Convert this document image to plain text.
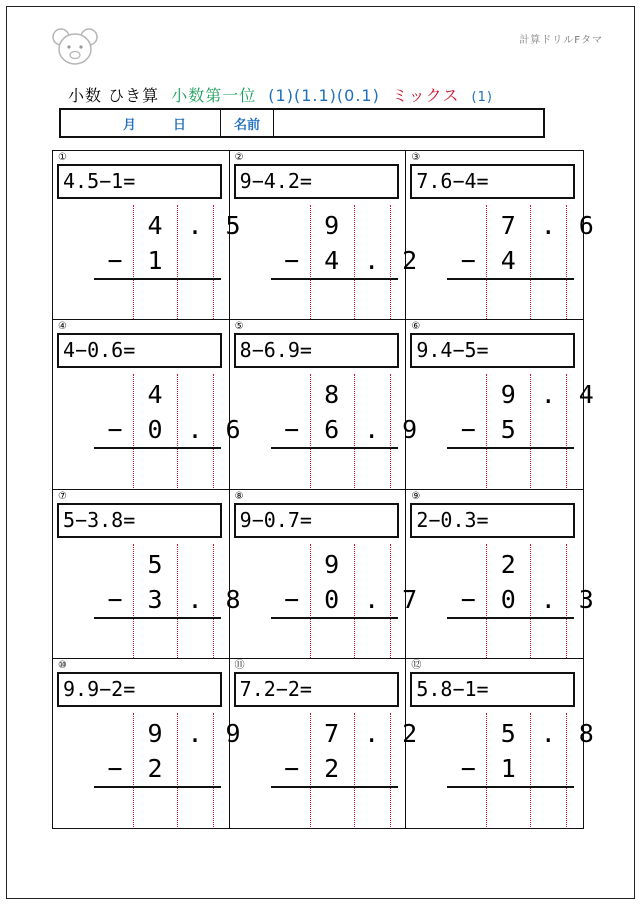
計算ドリルFタマ
小数 ひき算 小数第一位 (1)(1.1)(0.1) ミックス (1)
月	日	名前
①
4.5−1=
4 . 5
− 1
②
9−4.2=
9
− 4 . 2
③
7.6−4=
7 . 6
− 4
④
4−0.6=
4
− 0 . 6
⑤
8−6.9=
8
− 6 . 9
⑥
9.4−5=
9 . 4
− 5
⑦
5−3.8=
5
− 3 . 8
⑧
9−0.7=
9
− 0 . 7
⑨
2−0.3=
2
− 0 . 3
⑩
9.9−2=
9 . 9
− 2
⑪
7.2−2=
7 . 2
− 2
⑫
5.8−1=
5 . 8
− 1
